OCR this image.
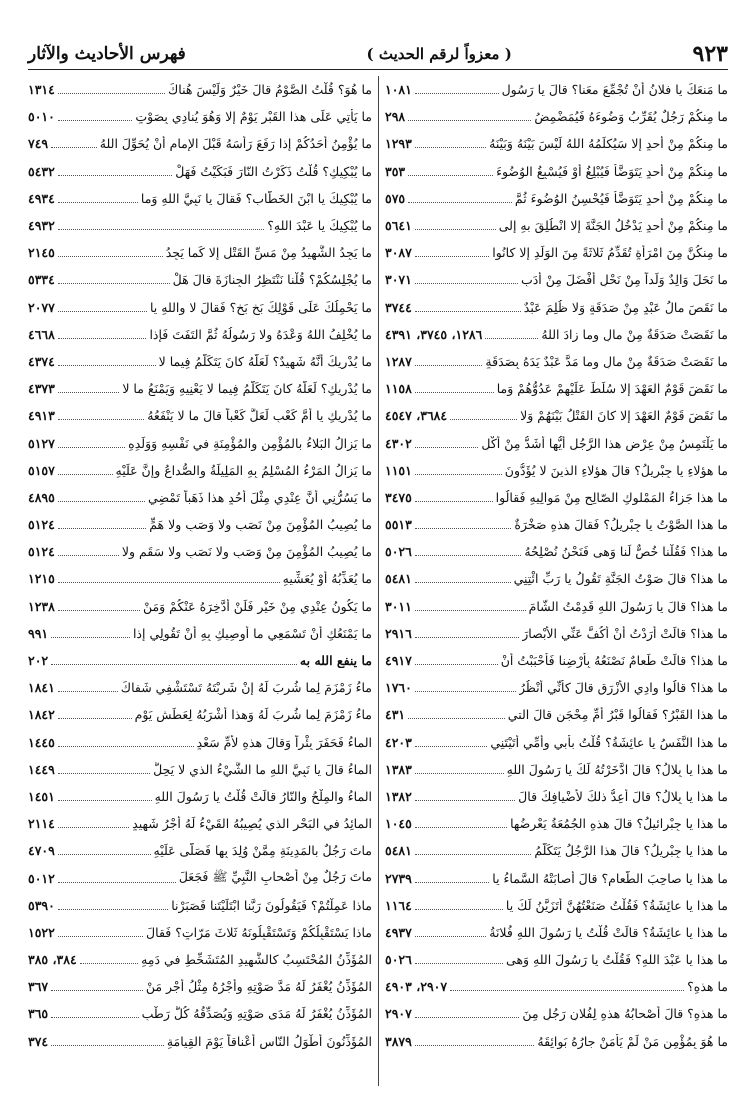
٩٢٣
( معزواً لرقم الحديث )
فهرس الأحاديث والآثار
ما مَنعَكَ يا فلانُ أنْ تُجْمِّعَ معَنا؟ قالَ يا رَسُول
١٠٨١
ما مِنكُمْ رَجُلٌ يُقَرِّبُ وَضُوءَهُ فَيُمَضْمِضُ
٢٩٨
ما مِنكُمْ مِنْ أحدٍ إلا سَيُكلِّمُهُ اللهُ لَيْسَ بَيْنَهُ وَبَيْنَهُ
١٢٩٣
ما مِنكُمْ مِنْ أحدٍ يَتَوَضَّأُ فَيُبْلِغُ أوْ فَيُسْبِغُ الوُضُوءَ
٣٥٣
ما مِنكُمْ مِنْ أحدٍ يَتَوَضَّأُ فَيُحْسِنُ الوُضُوءَ ثُمَّ
٥٧٥
ما مِنكُمْ مِنْ أحدٍ يَدْخُلُ الجَنَّةَ إلا انْطُلِقَ بهِ إلى
٥٦٤١
ما مِنكُنَّ مِنَ امْرَأةٍ تُقَدِّمُ ثَلاثَةً مِنَ الوَلَدِ إلا كانُوا
٣٠٨٧
ما نَحَلَ وَالِدٌ وَلَداً مِنْ نَحْلٍ أفْضَلَ مِنْ أدَبٍ
٣٠٧١
ما نَقَصَ مالُ عَبْدٍ مِنْ صَدَقَةٍ وَلا ظُلِمَ عَبْدٌ
٣٧٤٤
ما نَقَصَتْ صَدَقَةٌ مِنْ مالٍ وما زادَ اللهُ
١٢٨٦، ٣٧٤٥، ٤٣٩١
ما نَقَصَتْ صَدَقَةٌ مِنْ مالٍ وما مَدَّ عَبْدٌ يَدَهُ بِصَدَقَةٍ
١٢٨٧
ما نَقَضَ قَوْمٌ العَهْدَ إلا سُلِّطَ عَلَيْهِمْ عَدُوُّهُمْ وَما
١١٥٨
ما نَقَضَ قَوْمٌ العَهْدَ إلا كانَ القَتْلُ بَيْنَهُمْ وَلا
٣٦٨٤، ٤٥٤٧
ما يَلْتَمِسُ مِنْ عِرْضِ هذا الرَّجُلِ أيُّها أشَدُّ مِنْ أكْلِ
٤٣٠٢
ما هؤلاءِ يا جِبْريلُ؟ قالَ هؤلاءِ الذينَ لا يُؤَدُّونَ
١١٥١
ما هذا جَزاءُ المَمْلوكِ الصّالِحِ مِنْ مَوالِيهِ فَقالُوا
٣٤٧٥
ما هذا الصَّوْتُ يا جِبْريلُ؟ فَقالَ هذهِ صَخْرَةٌ
٥٥١٣
ما هذا؟ فَقُلْنا خُصٌّ لَنا وَهى فَنَحْنُ نُصْلِحُهُ
٥٠٢٦
ما هذا؟ قالَ صَوْتُ الجَنَّةِ تَقُولُ يا رَبِّ ائْتِنِي
٥٤٨١
ما هذا؟ قالَ يا رَسُولَ اللهِ قَدِمْتُ الشّامَ
٣٠١١
ما هذا؟ قالَتْ أرَدْتُ أنْ أكُفَّ عَنِّي الأبْصارَ
٢٩١٦
ما هذا؟ قالَتْ طَعامٌ نَصْنَعُهُ بِأرْضِنا فَأحْبَبْتُ أنْ
٤٩١٧
ما هذا؟ قالُوا وادِي الأزْرَقِ قالَ كأنِّي أنْظُرُ
١٧٦٠
ما هذا القَبْرُ؟ فَقالُوا قَبْرُ أُمِّ مِحْجَنٍ قالَ التي
٤٣١
ما هذا النَّفَسُ يا عائِشَةُ؟ قُلْتُ بأبي وأُمِّي أتَيْتَنِي
٤٢٠٣
ما هذا يا بِلالُ؟ قالَ ادَّخَرْتُهُ لَكَ يا رَسُولَ اللهِ
١٣٨٣
ما هذا يا بِلالُ؟ قالَ أُعِدُّ ذلكَ لأضْيافِكَ قالَ
١٣٨٢
ما هذا يا جِبْرائيلُ؟ قالَ هذهِ الجُمُعَةُ يَعْرِضُها
١٠٤٥
ما هذا يا جِبْريلُ؟ قالَ هذا الرَّجُلُ يَتَكَلَّمُ
٥٤٨١
ما هذا يا صاحِبَ الطَّعامِ؟ قالَ أصابَتْهُ السَّماءُ يا
٢٧٣٩
ما هذا يا عائِشَةُ؟ فَقُلْتُ صَنَعْتُهُنَّ أتَزَيَّنُ لَكَ يا
١١٦٤
ما هذا يا عائِشَةُ؟ قالَتْ قُلْتُ يا رَسُولَ اللهِ فُلانَةُ
٤٩٣٧
ما هذا يا عَبْدَ اللهِ؟ فَقُلْتُ يا رَسُولَ اللهِ وَهى
٥٠٢٦
ما هذهِ؟
٢٩٠٧، ٤٩٠٣
ما هذهِ؟ قالَ أصْحابُهُ هذهِ لِفُلانٍ رَجُلٍ مِنَ
٢٩٠٧
ما هُوَ بِمُؤْمِنٍ مَنْ لَمْ يَأْمَنْ جارُهُ بَوائِقَهُ
٣٨٧٩
ما هُوَ؟ قُلْتُ الصَّوْمُ قالَ خَيْرٌ وَلَيْسَ هُناكَ
١٣١٤
ما يَأتِي عَلَى هذا القَبْرِ يَوْمٌ إلا وَهُوَ يُنادِي بِصَوْتٍ
٥٠١٠
ما يُؤْمِنُ أحَدُكُمْ إذا رَفَعَ رَأسَهُ قَبْلَ الإمامِ أنْ يُحَوِّلَ اللهُ
٧٤٩
ما يُبْكِيكِ؟ قُلْتُ ذَكَرْتُ النّارَ فَبَكَيْتُ فَهَلْ
٥٤٣٢
ما يُبْكِيكَ يا ابْنَ الخَطّابِ؟ فَقالَ يا نَبِيَّ اللهِ وَما
٤٩٣٤
ما يُبْكِيكَ يا عَبْدَ اللهِ؟
٤٩٣٢
ما يَجِدُ الشَّهِيدُ مِنْ مَسِّ القَتْلِ إلا كَما يَجِدُ
٢١٤٥
ما يُجْلِسُكُمْ؟ قُلْنا نَنْتَظِرُ الجِنازَةَ قالَ هَلْ
٥٣٣٤
ما يَحْمِلُكَ عَلَى قَوْلِكَ بَخٍ بَخٍ؟ فَقالَ لا واللهِ يا
٢٠٧٧
ما يُخْلِفُ اللهُ وَعْدَهُ ولا رَسُولُهُ ثُمَّ التَفَتَ فَإذا
٤٦٦٨
ما يُدْرِيكَ أنَّهُ شَهِيدٌ؟ لَعَلَّهُ كانَ يَتَكَلَّمُ فِيما لا
٤٣٧٤
ما يُدْرِيكِ؟ لَعَلَّهُ كانَ يَتَكَلَّمُ فِيما لا يَعْنِيهِ وَيَمْنَعُ ما لا
٤٣٧٣
ما يُدْرِيكِ يا أُمَّ كَعْبٍ لَعَلَّ كَعْباً قالَ ما لا يَنْفَعُهُ
٤٩١٣
ما يَزالُ البَلاءُ بالمُؤْمِنِ والمُؤْمِنَةِ في نَفْسِهِ وَوَلَدِهِ
٥١٢٧
ما يَزالُ المَرْءُ المُسْلِمُ بِهِ المَلِيلَةُ والصُّداعُ وإنَّ عَلَيْهِ
٥١٥٧
ما يَسُرُّنِي أنَّ عِنْدِي مِثْلَ أُحُدٍ هذا ذَهَباً تَمْضِي
٤٨٩٥
ما يُصِيبُ المُؤْمِنَ مِنْ نَصَبٍ ولا وَصَبٍ ولا هَمٍّ
٥١٢٤
ما يُصِيبُ المُؤْمِنَ مِنْ وَصَبٍ ولا نَصَبٍ ولا سَقَمٍ ولا
٥١٢٤
ما يُعَذِّبُهُ أوْ يُعَشِّيهِ
١٢١٥
ما يَكُونُ عِنْدِي مِنْ خَيْرٍ فَلَنْ أدَّخِرَهُ عَنْكُمْ وَمَنْ
١٢٣٨
ما يَمْنَعُكِ أنْ تَسْمَعِي ما أُوصِيكِ بِهِ أنْ تَقُولِي إذا
٩٩١
ما ينفع الله به
٢٠٢
ماءُ زَمْزَمَ لِما شُرِبَ لَهُ إنْ شَرِبْتَهُ تَسْتَشْفِي شَفاكَ
١٨٤١
ماءُ زَمْزَمَ لِما شُرِبَ لَهُ وَهذا أشْرَبُهُ لِعَطَشِ يَوْمِ
١٨٤٢
الماءُ فَحَفَرَ بِئْراً وَقالَ هذهِ لأُمِّ سَعْدٍ
١٤٤٥
الماءُ قالَ يا نَبِيَّ اللهِ ما الشَّيْءُ الذي لا يَحِلُّ
١٤٤٩
الماءُ والمِلْحُ والنّارُ قالَتْ قُلْتُ يا رَسُولَ اللهِ
١٤٥١
المائِدُ في البَحْرِ الذي يُصِيبُهُ القَيْءُ لَهُ أجْرُ شَهِيدٍ
٢١١٤
ماتَ رَجُلٌ بالمَدِينَةِ مِمَّنْ وُلِدَ بِها فَصَلَّى عَلَيْهِ
٤٧٠٩
ماتَ رَجُلٌ مِنْ أصْحابِ النَّبِيِّ ﷺ فَجَعَلَ
٥٠١٢
ماذا عَمِلْتُمْ؟ فَيَقُولُونَ رَبَّنا ابْتَلَيْتَنا فَصَبَرْنا
٥٣٩٠
ماذا يَسْتَقْبِلُكُمْ وَتَسْتَقْبِلُونَهُ ثَلاثَ مَرّاتٍ؟ فَقالَ
١٥٢٢
المُؤَذِّنُ المُحْتَسِبُ كالشَّهِيدِ المُتَشَحِّطِ في دَمِهِ
٣٨٤، ٣٨٥
المُؤَذِّنُ يُغْفَرُ لَهُ مَدَّ صَوْتِهِ وأجْرُهُ مِثْلُ أجْرِ مَنْ
٣٦٧
المُؤَذِّنُ يُغْفَرُ لَهُ مَدَى صَوْتِهِ وَيُصَدِّقُهُ كُلُّ رَطْبٍ
٣٦٥
المُؤَذِّنُونَ أطْوَلُ النّاسِ أعْناقاً يَوْمَ القِيامَةِ
٣٧٤
